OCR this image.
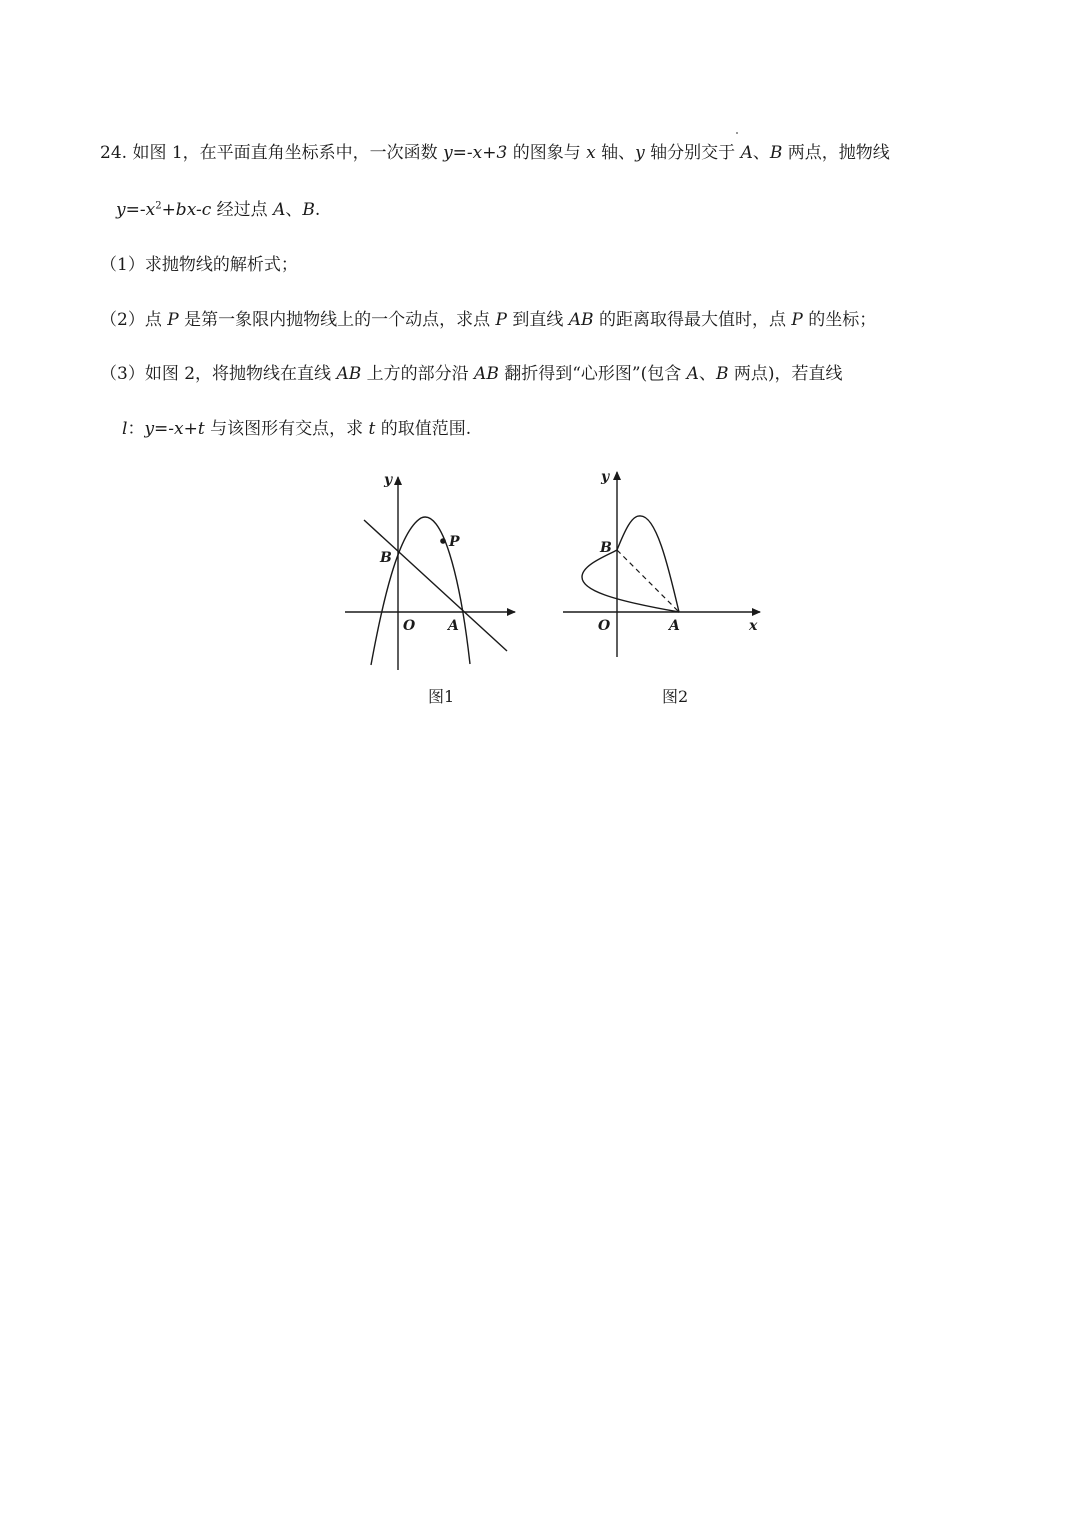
24. 如图 1，在平面直角坐标系中，一次函数 y=-x+3 的图象与 x 轴、y 轴分别交于 A、B 两点，抛物线
$y=-x^2+bx-c$ 经过点 A、B.
（1）求抛物线的解析式；
（2）点 P 是第一象限内抛物线上的一个动点，求点 P 到直线 AB 的距离取得最大值时，点 P 的坐标；
（3）如图 2，将抛物线在直线 AB 上方的部分沿 AB 翻折得到“心形图”(包含 A、B 两点)，若直线
l：y=-x+t 与该图形有交点，求 t 的取值范围.
y
B
P
O A
图1
y
B
O	A	x
图2
